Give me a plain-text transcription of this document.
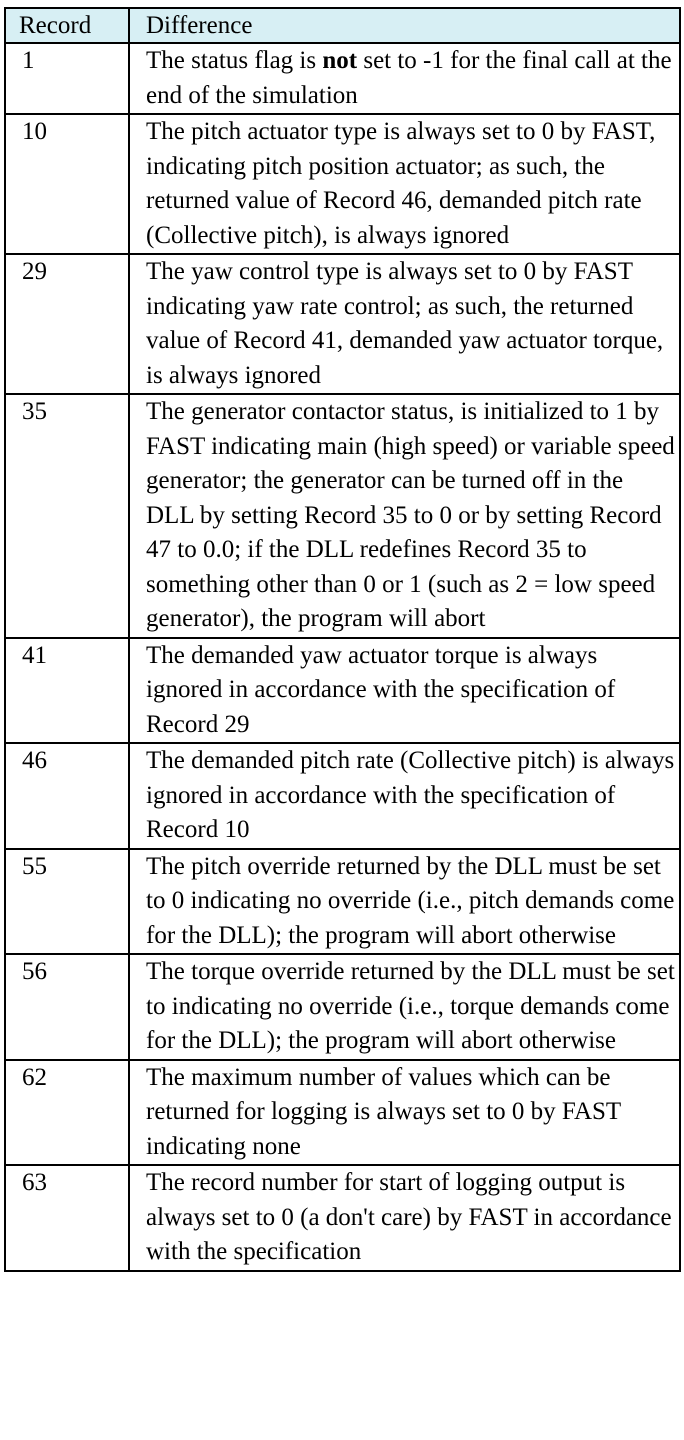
Record	Difference
1	The status flag is not set to -1 for the final call at the end of the simulation
10	The pitch actuator type is always set to 0 by FAST, indicating pitch position actuator; as such, the returned value of Record 46, demanded pitch rate (Collective pitch), is always ignored
29	The yaw control type is always set to 0 by FAST indicating yaw rate control; as such, the returned value of Record 41, demanded yaw actuator torque, is always ignored
35	The generator contactor status, is initialized to 1 by FAST indicating main (high speed) or variable speed generator; the generator can be turned off in the DLL by setting Record 35 to 0 or by setting Record 47 to 0.0; if the DLL redefines Record 35 to something other than 0 or 1 (such as 2 = low speed generator), the program will abort
41	The demanded yaw actuator torque is always ignored in accordance with the specification of Record 29
46	The demanded pitch rate (Collective pitch) is always ignored in accordance with the specification of Record 10
55	The pitch override returned by the DLL must be set to 0 indicating no override (i.e., pitch demands come for the DLL); the program will abort otherwise
56	The torque override returned by the DLL must be set to indicating no override (i.e., torque demands come for the DLL); the program will abort otherwise
62	The maximum number of values which can be returned for logging is always set to 0 by FAST indicating none
63	The record number for start of logging output is always set to 0 (a don't care) by FAST in accordance with the specification
